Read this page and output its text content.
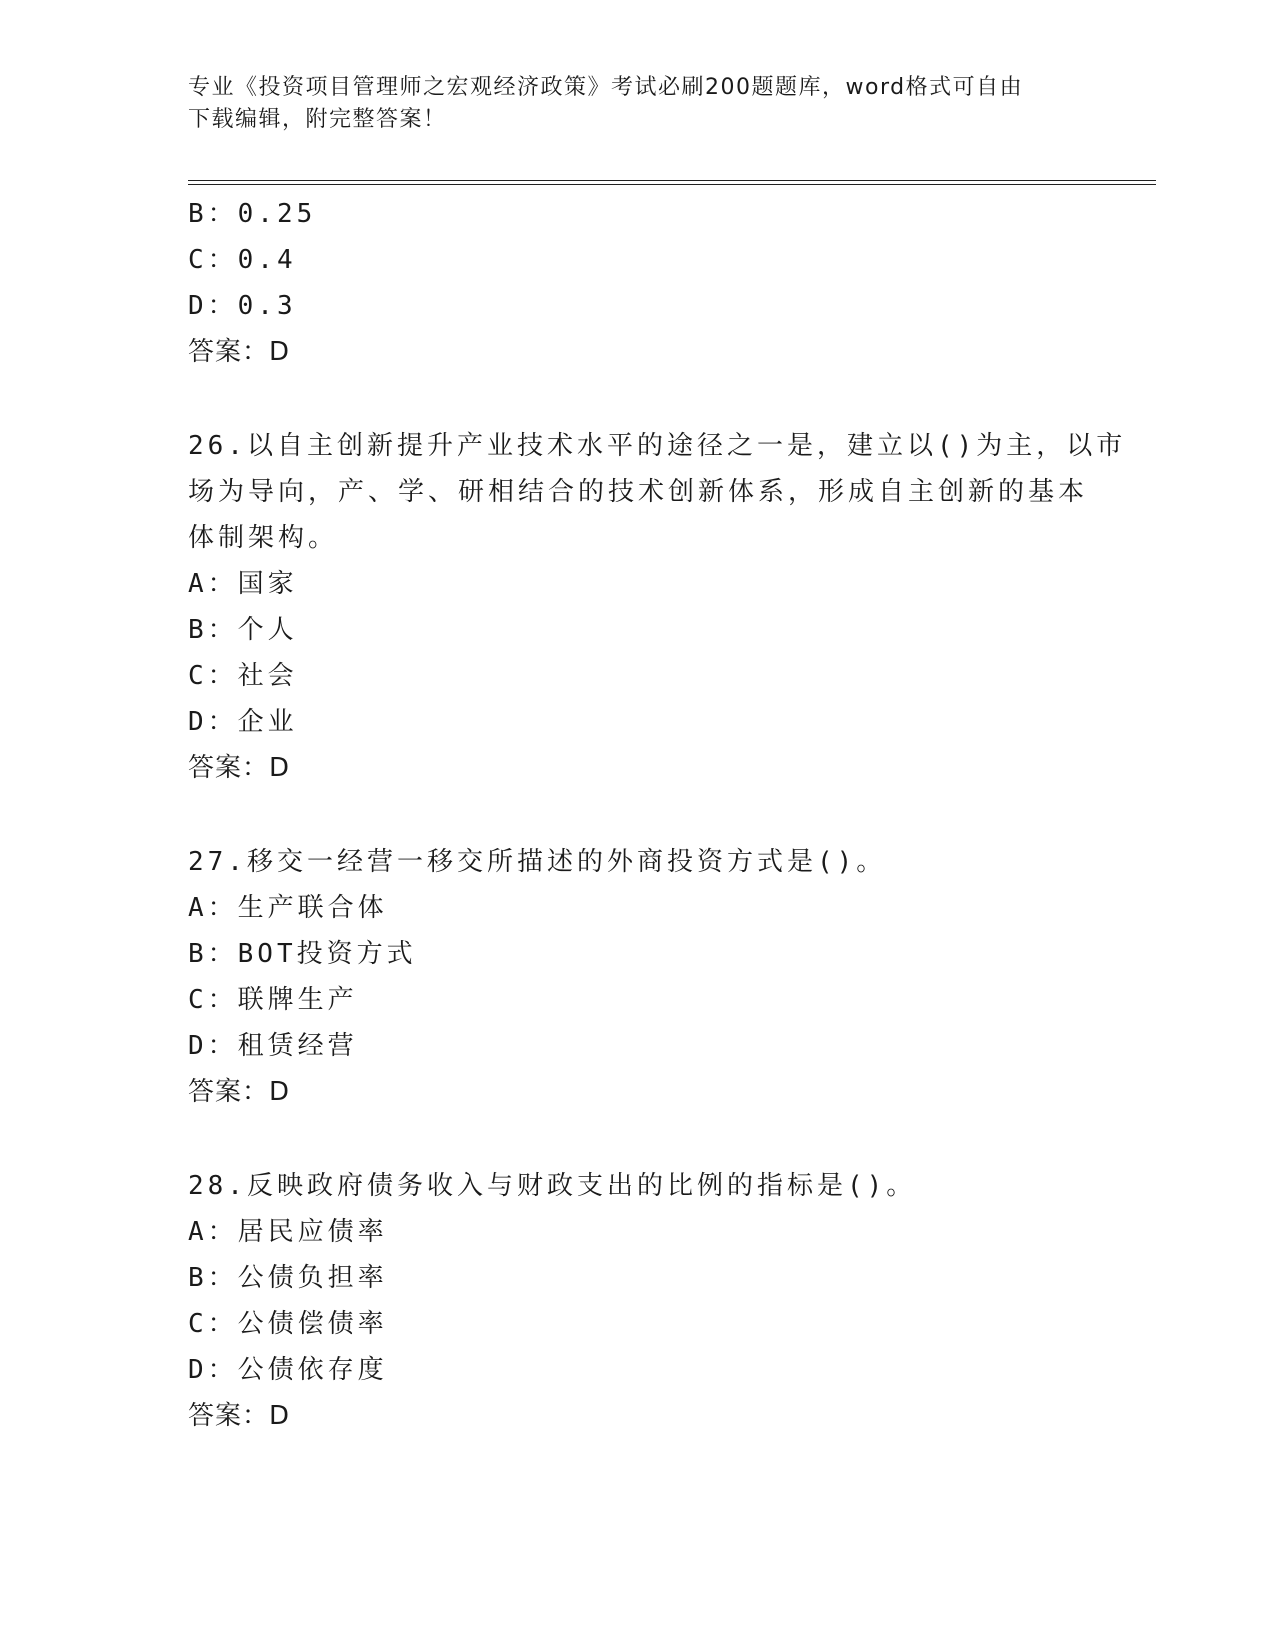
专业《投资项目管理师之宏观经济政策》考试必刷200题题库，word格式可自由
下载编辑，附完整答案！
B：0.25
C：0.4
D：0.3
答案：D
26.以自主创新提升产业技术水平的途径之一是，建立以()为主，以市
场为导向，产、学、研相结合的技术创新体系，形成自主创新的基本
体制架构。
A：国家
B：个人
C：社会
D：企业
答案：D
27.移交一经营一移交所描述的外商投资方式是()。
A：生产联合体
B：BOT投资方式
C：联牌生产
D：租赁经营
答案：D
28.反映政府债务收入与财政支出的比例的指标是()。
A：居民应债率
B：公债负担率
C：公债偿债率
D：公债依存度
答案：D
